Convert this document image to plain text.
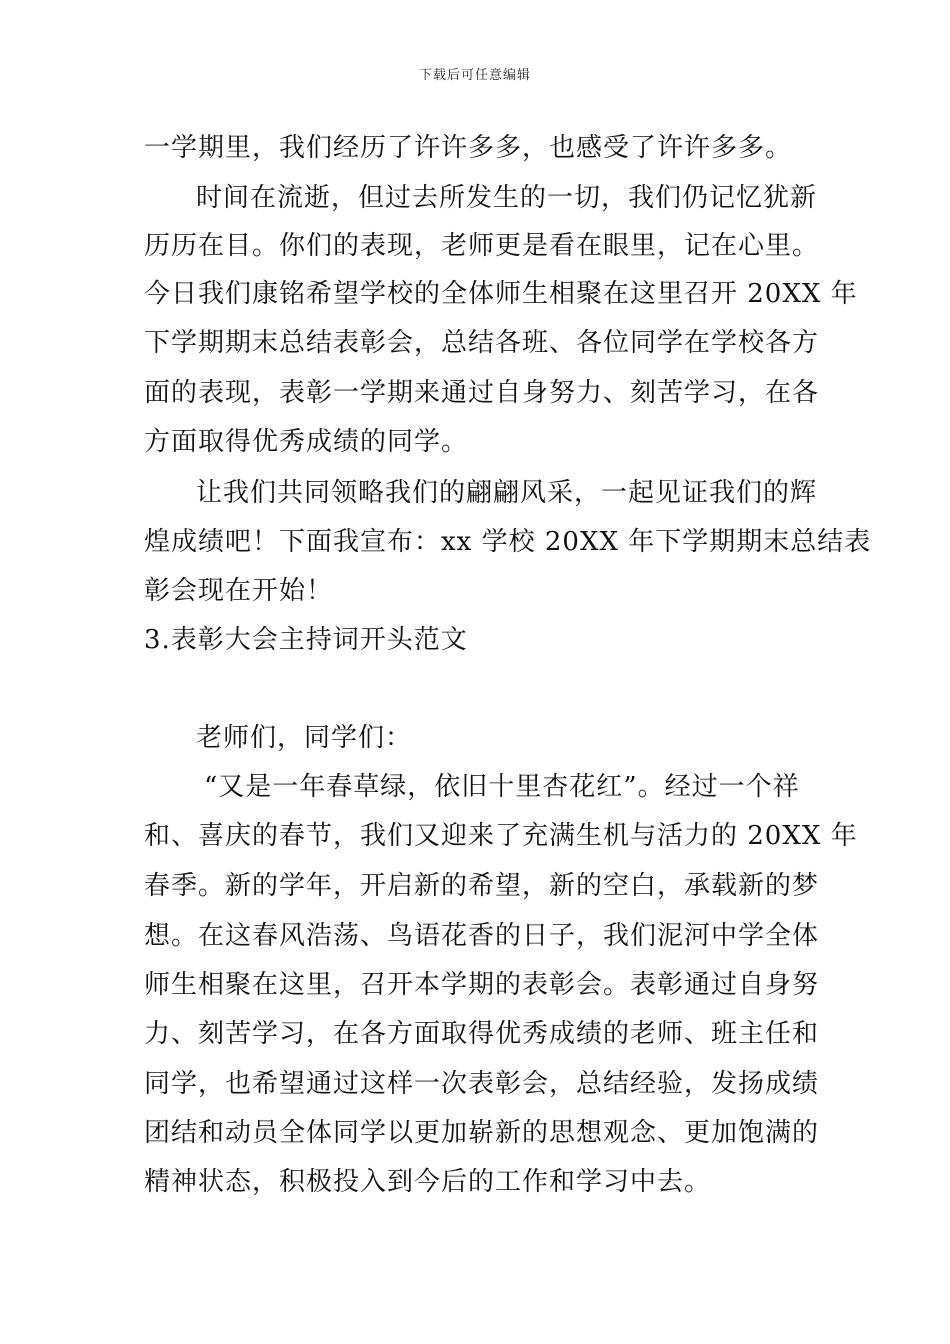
下载后可任意编辑
一学期里，我们经历了许许多多，也感受了许许多多。
时间在流逝，但过去所发生的一切，我们仍记忆犹新
历历在目。你们的表现，老师更是看在眼里，记在心里。
今日我们康铭希望学校的全体师生相聚在这里召开 20XX 年
下学期期末总结表彰会，总结各班、各位同学在学校各方
面的表现，表彰一学期来通过自身努力、刻苦学习，在各
方面取得优秀成绩的同学。
让我们共同领略我们的翩翩风采，一起见证我们的辉
煌成绩吧！下面我宣布：xx 学校 20XX 年下学期期末总结表
彰会现在开始！
3.表彰大会主持词开头范文
老师们，同学们：
“又是一年春草绿，依旧十里杏花红”。经过一个祥
和、喜庆的春节，我们又迎来了充满生机与活力的 20XX 年
春季。新的学年，开启新的希望，新的空白，承载新的梦
想。在这春风浩荡、鸟语花香的日子，我们泥河中学全体
师生相聚在这里，召开本学期的表彰会。表彰通过自身努
力、刻苦学习，在各方面取得优秀成绩的老师、班主任和
同学，也希望通过这样一次表彰会，总结经验，发扬成绩
团结和动员全体同学以更加崭新的思想观念、更加饱满的
精神状态，积极投入到今后的工作和学习中去。
